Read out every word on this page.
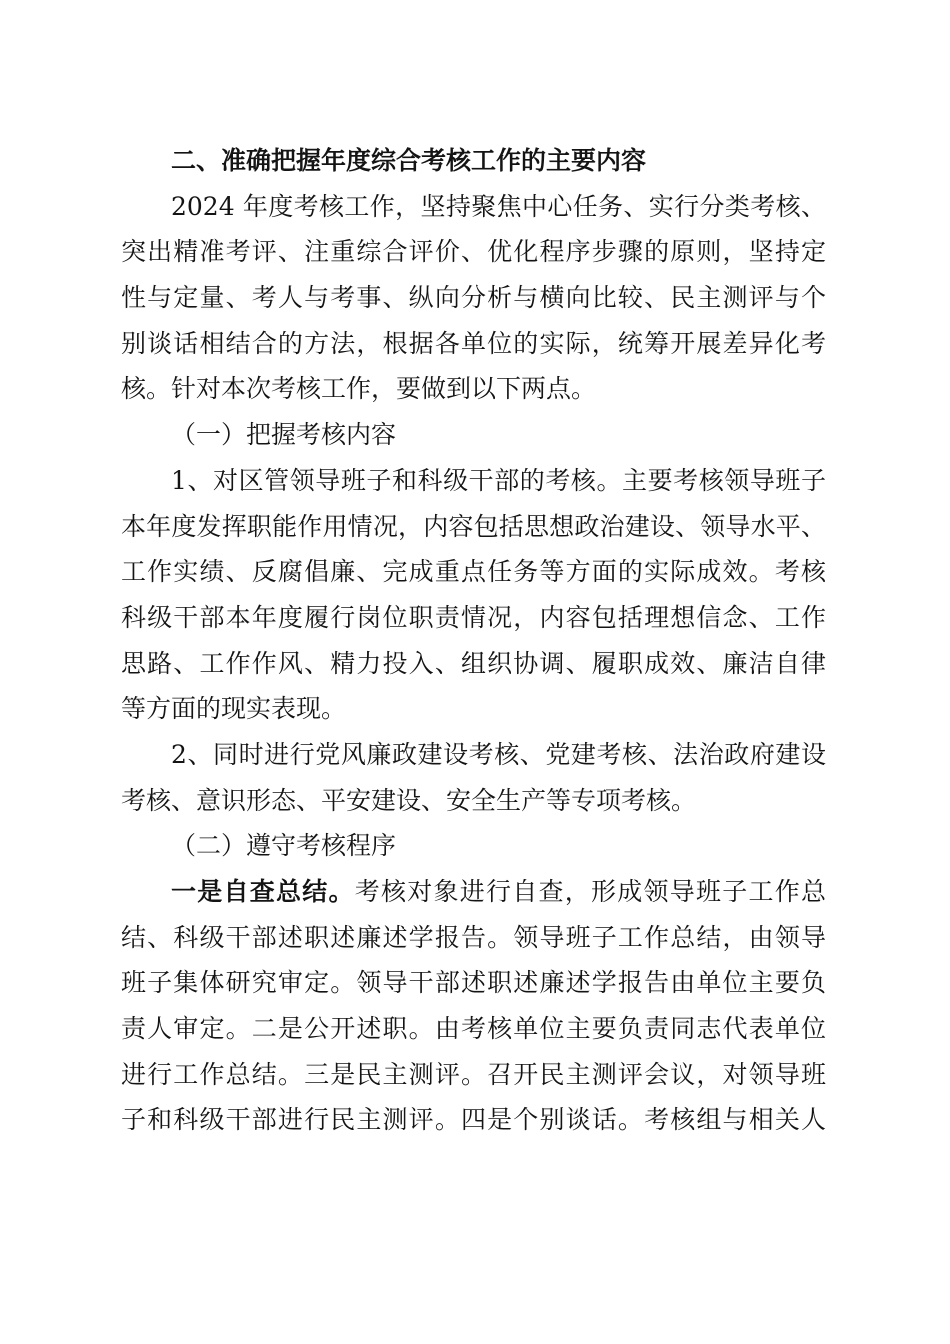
二、准确把握年度综合考核工作的主要内容
2024 年度考核工作，坚持聚焦中心任务、实行分类考核、
突出精准考评、注重综合评价、优化程序步骤的原则，坚持定
性与定量、考人与考事、纵向分析与横向比较、民主测评与个
别谈话相结合的方法，根据各单位的实际，统筹开展差异化考
核。针对本次考核工作，要做到以下两点。
（一）把握考核内容
1、对区管领导班子和科级干部的考核。主要考核领导班子
本年度发挥职能作用情况，内容包括思想政治建设、领导水平、
工作实绩、反腐倡廉、完成重点任务等方面的实际成效。考核
科级干部本年度履行岗位职责情况，内容包括理想信念、工作
思路、工作作风、精力投入、组织协调、履职成效、廉洁自律
等方面的现实表现。
2、同时进行党风廉政建设考核、党建考核、法治政府建设
考核、意识形态、平安建设、安全生产等专项考核。
（二）遵守考核程序
一是自查总结。考核对象进行自查，形成领导班子工作总
结、科级干部述职述廉述学报告。领导班子工作总结，由领导
班子集体研究审定。领导干部述职述廉述学报告由单位主要负
责人审定。二是公开述职。由考核单位主要负责同志代表单位
进行工作总结。三是民主测评。召开民主测评会议，对领导班
子和科级干部进行民主测评。四是个别谈话。考核组与相关人
